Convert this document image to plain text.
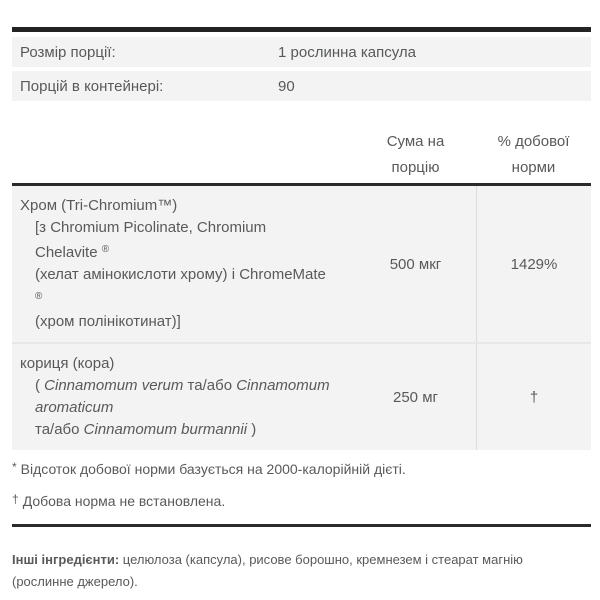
Розмір порції:	1 рослинна капсула
Порцій в контейнері:	90
Сума на
порцію
% добової
норми
Хром (Tri-Chromium™)
[з Chromium Picolinate, Chromium
Chelavite ®
(хелат амінокислоти хрому) і ChromeMate
®
(хром полінікотинат)]
500 мкг	1429%
кориця (кора)
( Cinnamomum verum та/або Cinnamomum
aromaticum
та/або Cinnamomum burmannii )
250 мг	†
* Відсоток добової норми базується на 2000-калорійній дієті.
† Добова норма не встановлена.
Інші інгредієнти: целюлоза (капсула), рисове борошно, кремнезем і стеарат магнію (рослинне джерело).
